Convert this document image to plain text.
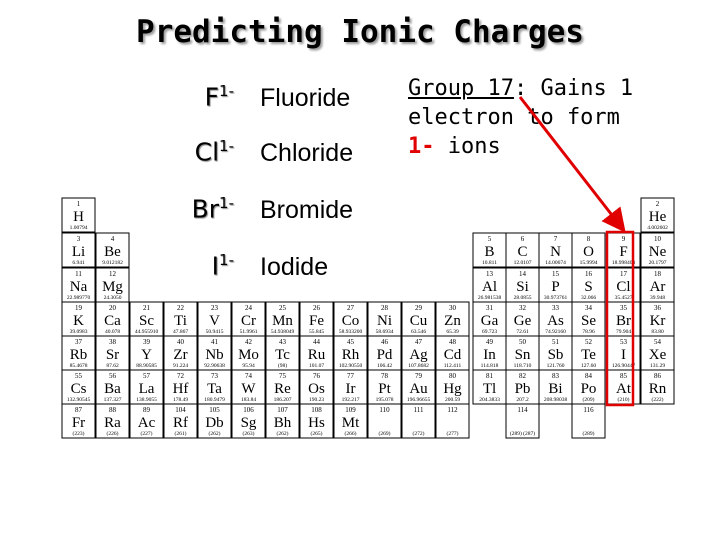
Predicting Ionic Charges
$F^{1-}$ Fluoride
$Cl^{1-}$ Chloride
$Br^{1-}$ Bromide
$I^{1-}$ Iodide
Group 17: Gains 1
electron to form
1- ions
1
H
1.00794
2
He
4.002602
3
Li
6.941
4
Be
9.012182
5
B
10.811
6
C
12.0107
7
N
14.00674
8
O
15.9994
9
F
18.998403
10
Ne
20.1797
11
Na
22.989770
12
Mg
24.3050
13
Al
26.981538
14
Si
28.0855
15
P
30.973761
16
S
32.066
17
Cl
35.4527
18
Ar
39.948
19
K
39.0983
20
Ca
40.078
21
Sc
44.955910
22
Ti
47.867
23
V
50.9415
24
Cr
51.9961
25
Mn
54.938049
26
Fe
55.845
27
Co
58.933200
28
Ni
58.6934
29
Cu
63.546
30
Zn
65.39
31
Ga
69.723
32
Ge
72.61
33
As
74.92160
34
Se
78.96
35
Br
79.904
36
Kr
83.80
37
Rb
85.4678
38
Sr
87.62
39
Y
88.90585
40
Zr
91.224
41
Nb
92.90638
42
Mo
95.94
43
Tc
(98)
44
Ru
101.07
45
Rh
102.90550
46
Pd
106.42
47
Ag
107.8682
48
Cd
112.411
49
In
114.818
50
Sn
118.710
51
Sb
121.760
52
Te
127.60
53
I
126.90447
54
Xe
131.29
55
Cs
132.90545
56
Ba
137.327
57
La
138.9055
72
Hf
178.49
73
Ta
180.9479
74
W
183.84
75
Re
186.207
76
Os
190.23
77
Ir
192.217
78
Pt
195.078
79
Au
196.96655
80
Hg
200.59
81
Tl
204.3833
82
Pb
207.2
83
Bi
208.98038
84
Po
(209)
85
At
(210)
86
Rn
(222)
87
Fr
(223)
88
Ra
(226)
89
Ac
(227)
104
Rf
(261)
105
Db
(262)
106
Sg
(263)
107
Bh
(262)
108
Hs
(265)
109
Mt
(266)
110
(269)
111
(272)
112
(277)
114
(289) (287)
116
(289)
